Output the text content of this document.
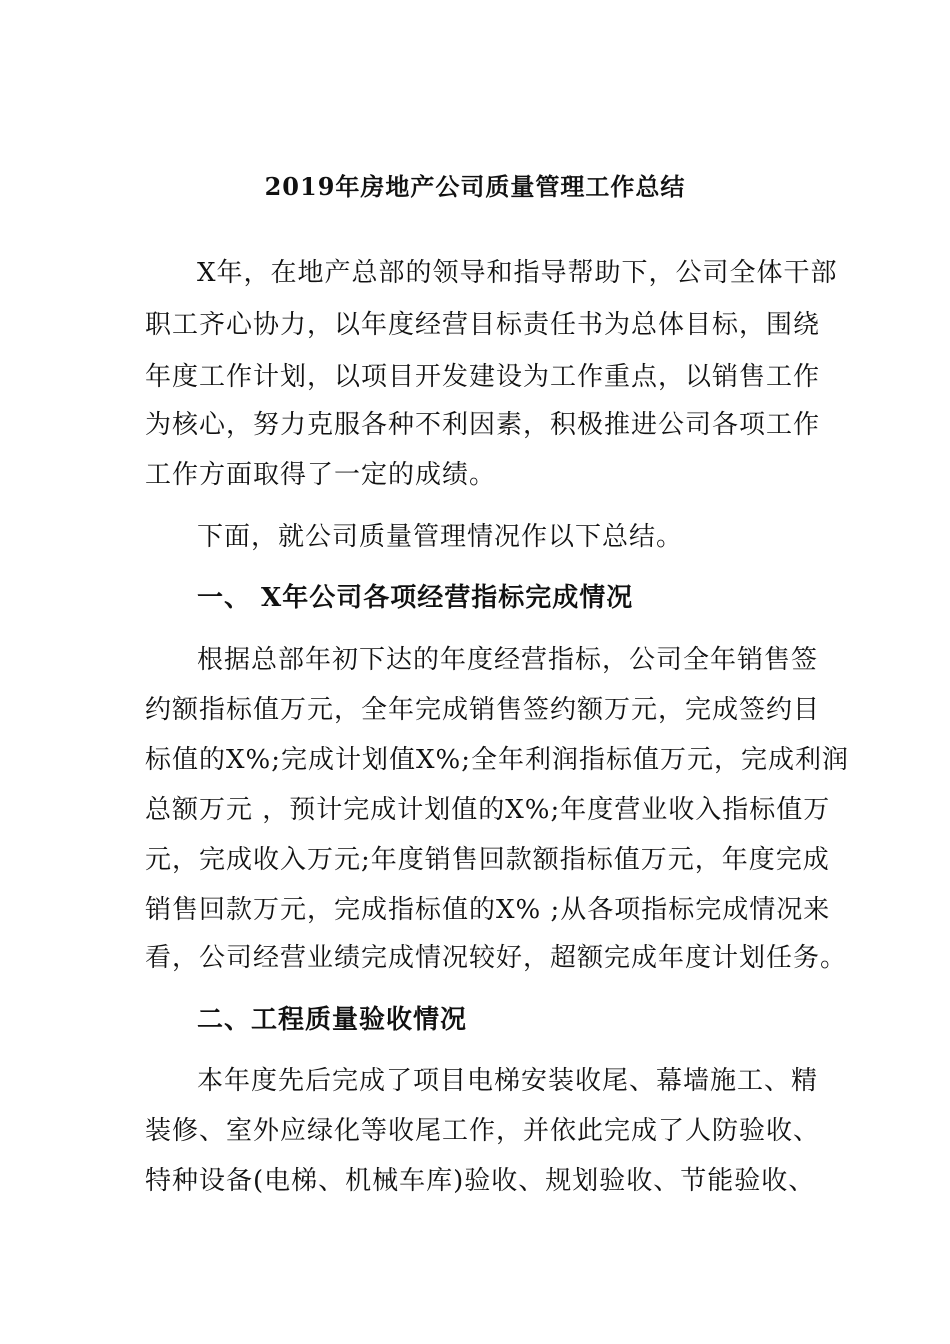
2019年房地产公司质量管理工作总结
X年，在地产总部的领导和指导帮助下，公司全体干部
职工齐心协力，以年度经营目标责任书为总体目标，围绕
年度工作计划，以项目开发建设为工作重点，以销售工作
为核心，努力克服各种不利因素，积极推进公司各项工作
工作方面取得了一定的成绩。
下面，就公司质量管理情况作以下总结。
一、 X年公司各项经营指标完成情况
根据总部年初下达的年度经营指标，公司全年销售签
约额指标值万元，全年完成销售签约额万元，完成签约目
标值的X%;完成计划值X%;全年利润指标值万元，完成利润
总额万元 ，预计完成计划值的X%;年度营业收入指标值万
元，完成收入万元;年度销售回款额指标值万元，年度完成
销售回款万元，完成指标值的X% ;从各项指标完成情况来
看，公司经营业绩完成情况较好，超额完成年度计划任务。
二、工程质量验收情况
本年度先后完成了项目电梯安装收尾、幕墙施工、精
装修、室外应绿化等收尾工作，并依此完成了人防验收、
特种设备(电梯、机械车库)验收、规划验收、节能验收、
